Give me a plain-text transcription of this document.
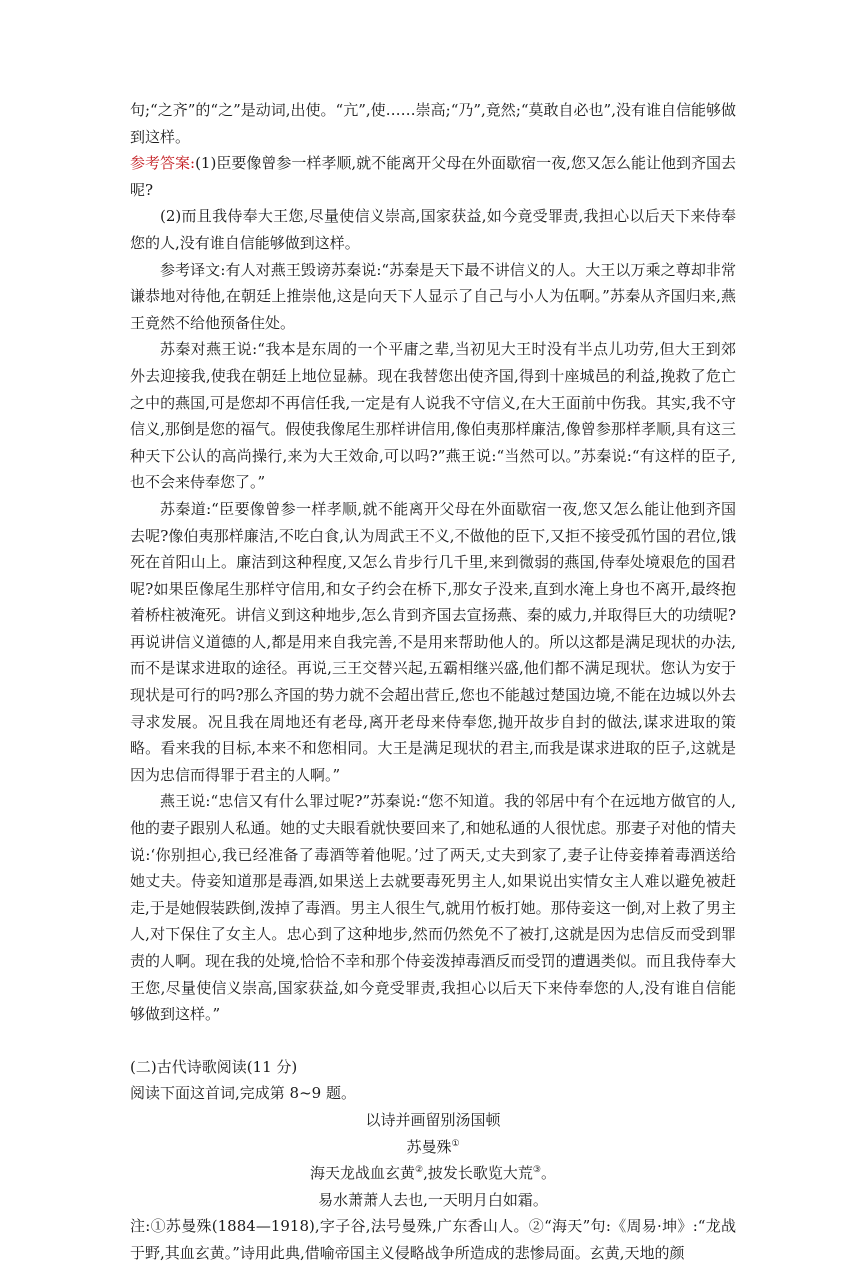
句;“之齐”的“之”是动词,出使。“亢”,使……崇高;“乃”,竟然;“莫敢自必也”,没有谁自信能够做到这样。

参考答案:(1)臣要像曾参一样孝顺,就不能离开父母在外面歇宿一夜,您又怎么能让他到齐国去呢?

(2)而且我侍奉大王您,尽量使信义崇高,国家获益,如今竟受罪责,我担心以后天下来侍奉您的人,没有谁自信能够做到这样。

参考译文:有人对燕王毁谤苏秦说:“苏秦是天下最不讲信义的人。大王以万乘之尊却非常谦恭地对待他,在朝廷上推崇他,这是向天下人显示了自己与小人为伍啊。”苏秦从齐国归来,燕王竟然不给他预备住处。

苏秦对燕王说:“我本是东周的一个平庸之辈,当初见大王时没有半点儿功劳,但大王到郊外去迎接我,使我在朝廷上地位显赫。现在我替您出使齐国,得到十座城邑的利益,挽救了危亡之中的燕国,可是您却不再信任我,一定是有人说我不守信义,在大王面前中伤我。其实,我不守信义,那倒是您的福气。假使我像尾生那样讲信用,像伯夷那样廉洁,像曾参那样孝顺,具有这三种天下公认的高尚操行,来为大王效命,可以吗?”燕王说:“当然可以。”苏秦说:“有这样的臣子,也不会来侍奉您了。”

苏秦道:“臣要像曾参一样孝顺,就不能离开父母在外面歇宿一夜,您又怎么能让他到齐国去呢?像伯夷那样廉洁,不吃白食,认为周武王不义,不做他的臣下,又拒不接受孤竹国的君位,饿死在首阳山上。廉洁到这种程度,又怎么肯步行几千里,来到微弱的燕国,侍奉处境艰危的国君呢?如果臣像尾生那样守信用,和女子约会在桥下,那女子没来,直到水淹上身也不离开,最终抱着桥柱被淹死。讲信义到这种地步,怎么肯到齐国去宣扬燕、秦的威力,并取得巨大的功绩呢?再说讲信义道德的人,都是用来自我完善,不是用来帮助他人的。所以这都是满足现状的办法,而不是谋求进取的途径。再说,三王交替兴起,五霸相继兴盛,他们都不满足现状。您认为安于现状是可行的吗?那么齐国的势力就不会超出营丘,您也不能越过楚国边境,不能在边城以外去寻求发展。况且我在周地还有老母,离开老母来侍奉您,抛开故步自封的做法,谋求进取的策略。看来我的目标,本来不和您相同。大王是满足现状的君主,而我是谋求进取的臣子,这就是因为忠信而得罪于君主的人啊。”

燕王说:“忠信又有什么罪过呢?”苏秦说:“您不知道。我的邻居中有个在远地方做官的人,他的妻子跟别人私通。她的丈夫眼看就快要回来了,和她私通的人很忧虑。那妻子对他的情夫说:‘你别担心,我已经准备了毒酒等着他呢。’过了两天,丈夫到家了,妻子让侍妾捧着毒酒送给她丈夫。侍妾知道那是毒酒,如果送上去就要毒死男主人,如果说出实情女主人难以避免被赶走,于是她假装跌倒,泼掉了毒酒。男主人很生气,就用竹板打她。那侍妾这一倒,对上救了男主人,对下保住了女主人。忠心到了这种地步,然而仍然免不了被打,这就是因为忠信反而受到罪责的人啊。现在我的处境,恰恰不幸和那个侍妾泼掉毒酒反而受罚的遭遇类似。而且我侍奉大王您,尽量使信义崇高,国家获益,如今竟受罪责,我担心以后天下来侍奉您的人,没有谁自信能够做到这样。”

(二)古代诗歌阅读(11 分)

阅读下面这首词,完成第 8~9 题。

以诗并画留别汤国顿

苏曼殊①

海天龙战血玄黄②,披发长歌览大荒③。

易水萧萧人去也,一天明月白如霜。

注:①苏曼殊(1884—1918),字子谷,法号曼殊,广东香山人。②“海天”句:《周易·坤》:“龙战于野,其血玄黄。”诗用此典,借喻帝国主义侵略战争所造成的悲惨局面。玄黄,天地的颜
